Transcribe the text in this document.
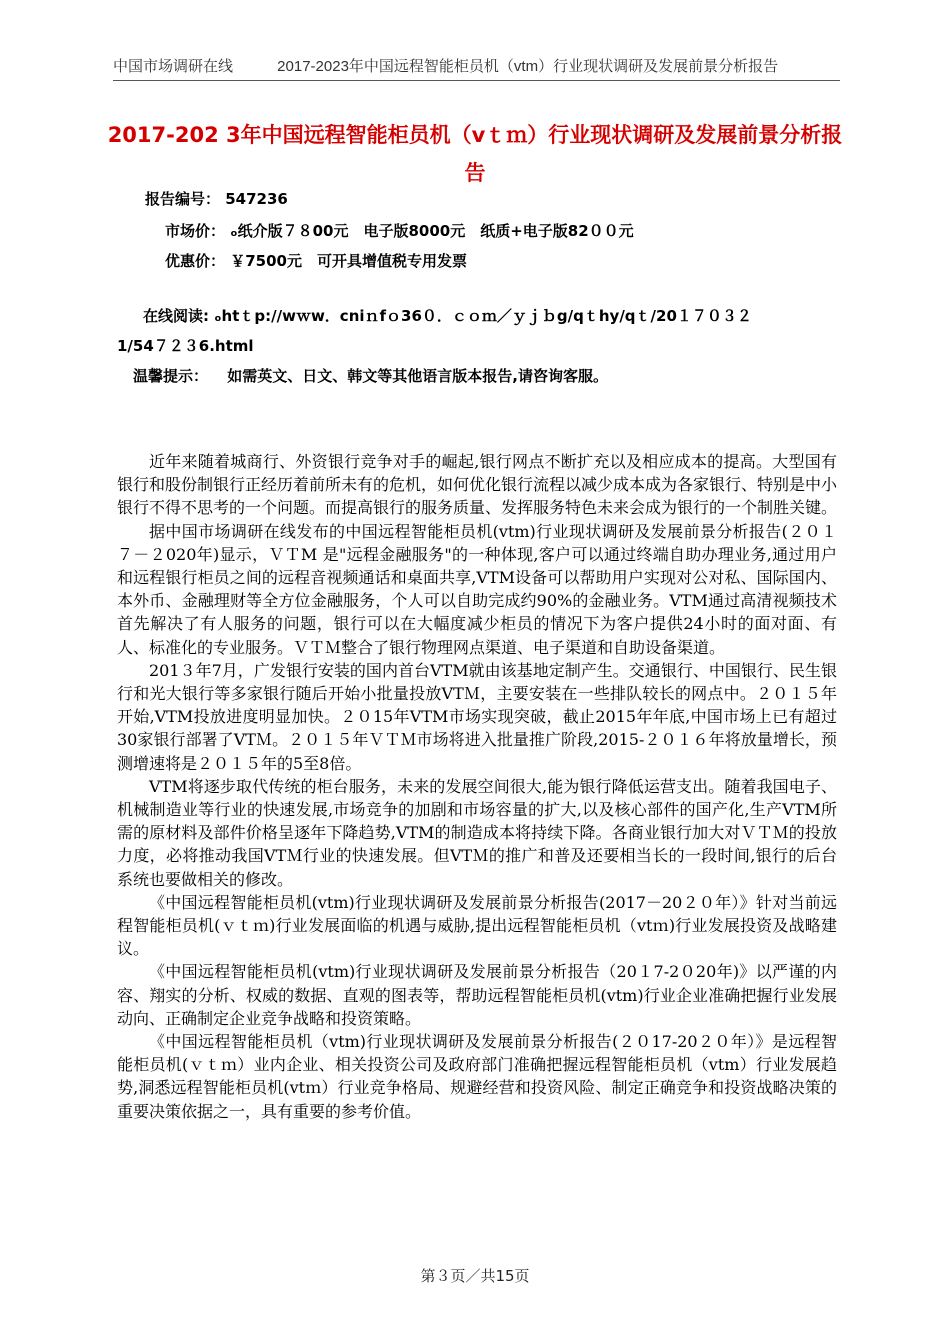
中国市场调研在线	2017-2023年中国远程智能柜员机（vtm）行业现状调研及发展前景分析报告
2017-202 3年中国远程智能柜员机（vｔｍ）行业现状调研及发展前景分析报告
报告编号： 547236
市场价： ₒ纸介版７８00元　电子版8000元　纸质+电子版82００元
优惠价： ￥7500元　可开具增值税专用发票
在线阅读: ₒhtｔp://wｗw．cniｎfｏ36０．ｃｏｍ／ｙｊｂg/qｔhy/qｔ/20１７０３２
1/54７２３6.html
温馨提示： 如需英文、日文、韩文等其他语言版本报告,请咨询客服。

近年来随着城商行、外资银行竞争对手的崛起,银行网点不断扩充以及相应成本的提高。大型国有银行和股份制银行正经历着前所未有的危机，如何优化银行流程以减少成本成为各家银行、特别是中小银行不得不思考的一个问题。而提高银行的服务质量、发挥服务特色未来会成为银行的一个制胜关键。

据中国市场调研在线发布的中国远程智能柜员机(vtm)行业现状调研及发展前景分析报告(２０１７－２020年)显示，ＶＴM 是"远程金融服务"的一种体现,客户可以通过终端自助办理业务,通过用户和远程银行柜员之间的远程音视频通话和桌面共享,VTM设备可以帮助用户实现对公对私、国际国内、本外币、金融理财等全方位金融服务，个人可以自助完成约90%的金融业务。VTM通过高清视频技术首先解决了有人服务的问题，银行可以在大幅度减少柜员的情况下为客户提供24小时的面对面、有人、标准化的专业服务。ＶＴＭ整合了银行物理网点渠道、电子渠道和自助设备渠道。

201３年7月，广发银行安装的国内首台VTM就由该基地定制产生。交通银行、中国银行、民生银行和光大银行等多家银行随后开始小批量投放VTＭ，主要安装在一些排队较长的网点中。２０１５年开始,VTM投放进度明显加快。２０15年VTM市场实现突破，截止2015年年底,中国市场上已有超过30家银行部署了VTＭ。２０１５年ＶＴＭ市场将进入批量推广阶段,2015-２０１６年将放量增长，预测增速将是２０１５年的5至8倍。

VTM将逐步取代传统的柜台服务，未来的发展空间很大,能为银行降低运营支出。随着我国电子、机械制造业等行业的快速发展,市场竞争的加剧和市场容量的扩大,以及核心部件的国产化,生产VTM所需的原材料及部件价格呈逐年下降趋势,VTM的制造成本将持续下降。各商业银行加大对ＶＴＭ的投放力度，必将推动我国VTＭ行业的快速发展。但VTＭ的推广和普及还要相当长的一段时间,银行的后台系统也要做相关的修改。

《中国远程智能柜员机(vtm)行业现状调研及发展前景分析报告(2017－20２０年）》针对当前远程智能柜员机(ｖｔｍ)行业发展面临的机遇与威胁,提出远程智能柜员机（vtｍ)行业发展投资及战略建议。

《中国远程智能柜员机(vtm)行业现状调研及发展前景分析报告（20１7-2０20年)》以严谨的内容、翔实的分析、权威的数据、直观的图表等，帮助远程智能柜员机(vtm)行业企业准确把握行业发展动向、正确制定企业竞争战略和投资策略。

《中国远程智能柜员机（vtm)行业现状调研及发展前景分析报告(２０17-20２０年）》是远程智能柜员机(ｖｔｍ）业内企业、相关投资公司及政府部门准确把握远程智能柜员机（vtm）行业发展趋势,洞悉远程智能柜员机(vtｍ）行业竞争格局、规避经营和投资风险、制定正确竞争和投资战略决策的重要决策依据之一，具有重要的参考价值。

第３页／共15页
